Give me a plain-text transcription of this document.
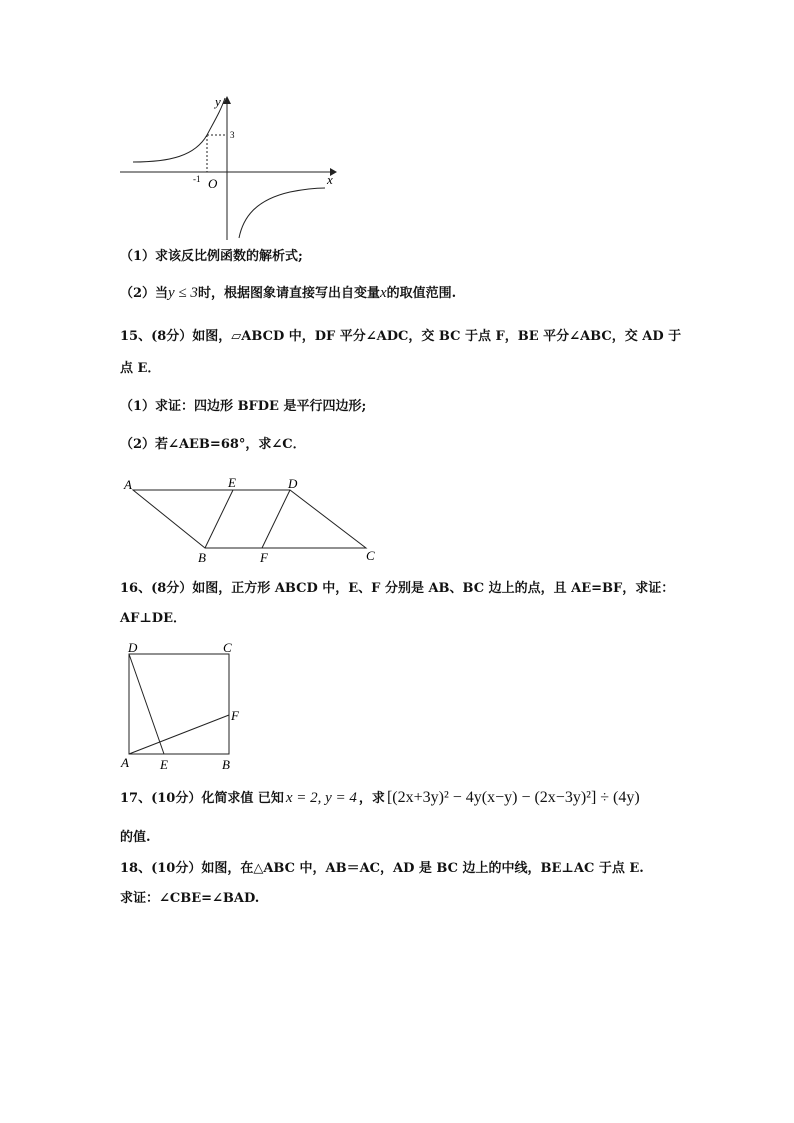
y
x
O
3
-1
（1）求该反比例函数的解析式;
（2）当y ≤ 3时，根据图象请直接写出自变量x的取值范围.
15、(8分）如图，▱ABCD 中，DF 平分∠ADC，交 BC 于点 F，BE 平分∠ABC，交 AD 于
点 E．
（1）求证：四边形 BFDE 是平行四边形;
（2）若∠AEB=68°，求∠C．
A	E	D
B	F	C
16、(8分）如图，正方形 ABCD 中，E、F 分别是 AB、BC 边上的点，且 AE=BF，求证：
AF⊥DE．
D	C
F
A E	B
17、(10分）化简求值 已知 x = 2, y = 4 ，求 [(2x+3y)² − 4y(x−y) − (2x−3y)²] ÷ (4y)
的值.
18、(10分）如图，在△ABC 中，AB＝AC，AD 是 BC 边上的中线，BE⊥AC 于点 E.
求证：∠CBE=∠BAD.
